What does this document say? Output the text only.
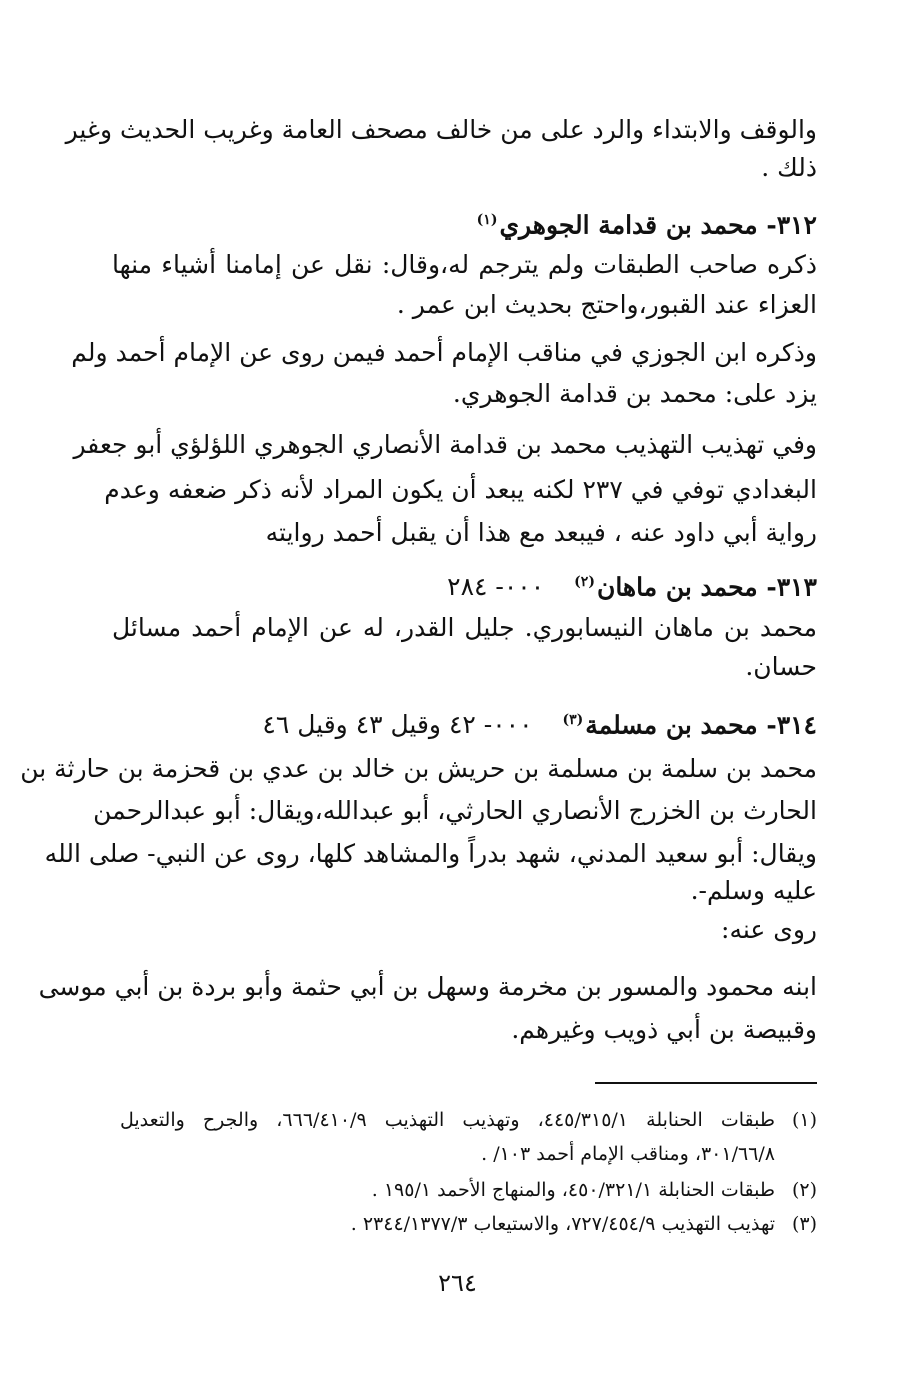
والوقف والابتداء والرد على من خالف مصحف العامة وغريب الحديث وغير
ذلك .
٣١٢- محمد بن قدامة الجوهري$^{(١)}$
ذكره صاحب الطبقات ولم يترجم له،وقال: نقل عن إمامنا أشياء منها
العزاء عند القبور،واحتج بحديث ابن عمر .
وذكره ابن الجوزي في مناقب الإمام أحمد فيمن روى عن الإمام أحمد ولم
يزد على: محمد بن قدامة الجوهري.
وفي تهذيب التهذيب محمد بن قدامة الأنصاري الجوهري اللؤلؤي أبو جعفر
البغدادي توفي في ٢٣٧ لكنه يبعد أن يكون المراد لأنه ذكر ضعفه وعدم
رواية أبي داود عنه ، فيبعد مع هذا أن يقبل أحمد روايته
٣١٣- محمد بن ماهان$^{(٢)}$٠٠٠- ٢٨٤
محمد بن ماهان النيسابوري. جليل القدر، له عن الإمام أحمد مسائل
حسان.
٣١٤- محمد بن مسلمة$^{(٣)}$٠٠٠- ٤٢ وقيل ٤٣ وقيل ٤٦
محمد بن سلمة بن مسلمة بن حريش بن خالد بن عدي بن قحزمة بن حارثة بن
الحارث بن الخزرج الأنصاري الحارثي، أبو عبدالله،ويقال: أبو عبدالرحمن
ويقال: أبو سعيد المدني، شهد بدراً والمشاهد كلها، روى عن النبي- صلى الله
عليه وسلم-.
روى عنه:
ابنه محمود والمسور بن مخرمة وسهل بن أبي حثمة وأبو بردة بن أبي موسى
وقبيصة بن أبي ذويب وغيرهم.
(١)طبقات الحنابلة ٤٤٥/٣١٥/١، وتهذيب التهذيب ٦٦٦/٤١٠/٩، والجرح والتعديل
٣٠١/٦٦/٨، ومناقب الإمام أحمد ١٠٣/ .
(٢)طبقات الحنابلة ٤٥٠/٣٢١/١، والمنهاج الأحمد ١٩٥/١ .
(٣)تهذيب التهذيب ٧٢٧/٤٥٤/٩، والاستيعاب ٢٣٤٤/١٣٧٧/٣ .
٢٦٤
